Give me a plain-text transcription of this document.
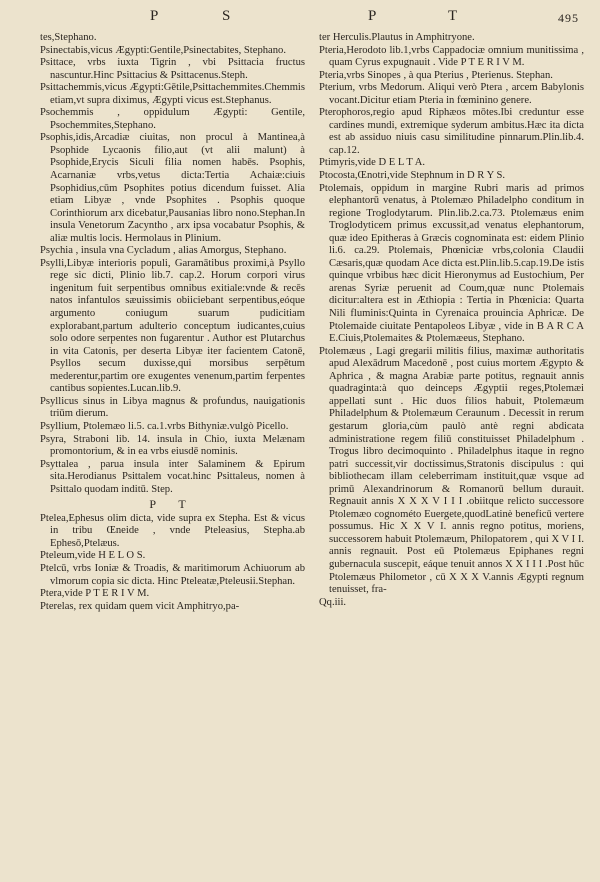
P	S	P	T	495

tes,Stephano.

Psinectabis,vicus Ægypti:Gentile,Psinectabites, Stephano.

Psittace, vrbs iuxta Tigrin , vbi Psittacia fructus nascuntur.Hinc Psittacius & Psittacenus.Steph.

Psittachemmis,vicus Ægypti:Gētile,Psittachemmites.Chemmis etiam,vt supra diximus, Ægypti vicus est.Stephanus.

Psochemmis , oppidulum Ægypti: Gentile, Psochemmites,Stephano.

Psophis,idis,Arcadiæ ciuitas, non procul à Mantinea,à Psophide Lycaonis filio,aut (vt alii malunt) à Psophide,Erycis Siculi filia nomen habēs. Psophis, Acarnaniæ vrbs,vetus dicta:Tertia Achaiæ:ciuis Psophidius,cūm Psophites potius dicendum fuisset. Alia etiam Libyæ , vnde Psophites . Psophis quoque Corinthiorum arx dicebatur,Pausanias libro nono.Stephan.In insula Venetorum Zacyntho , arx ipsa vocabatur Psophis, & aliæ multis locis. Hermolaus in Plinium.

Psychia , insula vna Cycladum , alias Amorgus, Stephano.

Psylli,Libyæ interioris populi, Garamātibus proximi,à Psyllo rege sic dicti, Plinio lib.7. cap.2. Horum corpori virus ingenitum fuit serpentibus omnibus exitiale:vnde & recēs natos infantulos sæuissimis obiiciebant serpentibus,eóque argumento coniugum suarum pudicitiam explorabant,partum adulterio conceptum iudicantes,cuius solo odore serpentes non fugarentur . Author est Plutarchus in vita Catonis, per deserta Libyæ iter facientem Catonē, Psyllos secum duxisse,qui morsibus serpētum mederentur,partim ore exugentes venenum,partim ferpentes cantibus sopientes.Lucan.lib.9.

Psyllicus sinus in Libya magnus & profundus, nauigationis triūm dierum.

Psyllium, Ptolemæo li.5. ca.1.vrbs Bithyniæ.vulgò Picello.

Psyra, Straboni lib. 14. insula in Chio, iuxta Melænam promontorium, & in ea vrbs eiusdē nominis.

Psyttalea , parua insula inter Salaminem & Epirum sita.Herodianus Psittalem vocat.hinc Psittaleus, nomen à Psittalo quodam inditū. Step.

P T

Ptelea,Ephesus olim dicta, vide supra ex Stepha. Est & vicus in tribu Œneide , vnde Pteleasius, Stepha.ab Ephesō,Ptelæus.

Pteleum,vide H E L O S.

Ptelcū, vrbs Ioniæ & Troadis, & maritimorum Achiuorum ab vlmorum copia sic dicta. Hinc Pteleatæ,Pteleusii.Stephan.

Ptera,vide P T E R I V M.

Pterelas, rex quidam quem vicit Amphitryo,pa-

ter Herculis.Plautus in Amphitryone.

Pteria,Herodoto lib.1,vrbs Cappadociæ omnium munitissima , quam Cyrus expugnauit . Vide P T E R I V M.

Pteria,vrbs Sinopes , à qua Pterius , Pterienus. Stephan.

Pterium, vrbs Medorum. Aliqui verò Ptera , arcem Babylonis vocant.Dicitur etiam Pteria in fœminino genere.

Pterophoros,regio apud Riphæos mōtes.Ibi creduntur esse cardines mundi, extremique syderum ambitus.Hæc ita dicta est ab assiduo niuis casu similitudine pinnarum.Plin.lib.4. cap.12.

Ptimyris,vide D E L T A.

Ptocosta,Œnotri,vide Stephnum in D R Y S.

Ptolemais, oppidum in margine Rubri maris ad primos elephantorū venatus, à Ptolemæo Philadelpho conditum in regione Troglodytarum. Plin.lib.2.ca.73. Ptolemæus enim Troglodyticem primus excussit,ad venatus elephantorum, quæ ideo Epitheras à Græcis cognominata est: eidem Plinio li.6. ca.29. Ptolemais, Phœniciæ vrbs,colonia Claudii Cæsaris,quæ quodam Ace dicta est.Plin.lib.5.cap.19.De istis quinque vrbibus hæc dicit Hieronymus ad Eustochium, Per arenas Syriæ peruenit ad Coum,quæ nunc Ptolemais dicitur:altera est in Æthiopia : Tertia in Phœnicia: Quarta Nili fluminis:Quinta in Cyrenaica prouincia Aphricæ. De Ptolemaide ciuitate Pentapoleos Libyæ , vide in B A R C A E.Ciuis,Ptolemaites & Ptolemæeus, Stephano.

Ptolemæus , Lagi gregarii militis filius, maximæ authoritatis apud Alexādrum Macedonē , post cuius mortem Ægypto & Aphrica , & magna Arabiæ parte potitus, regnauit annis quadraginta:à quo deinceps Ægyptii reges,Ptolemæi appellati sunt . Hic duos filios habuit, Ptolemæum Philadelphum & Ptolemæum Ceraunum . Decessit in rerum gestarum gloria,cùm paulò antè regni abdicata administratione regem filiū constituisset Philadelphum . Trogus libro decimoquinto . Philadelphus itaque in regno patri successit,vir doctissimus,Stratonis discipulus : qui bibliothecam illam celeberrimam instituit,quæ vsque ad primū Alexandrinorum & Romanorū bellum durauit. Regnauit annis X X X V I I I .obiitque relicto successore Ptolemæo cognométo Euergete,quodLatinè beneficū vertere possumus. Hic X X V I. annis regno potitus, moriens, successorem habuit Ptolemæum, Philopatorem , qui X V I I. annis regnauit. Post eū Ptolemæus Epiphanes regni gubernacula suscepit, eáque tenuit annos X X I I I .Post hūc Ptolemæus Philometor , cū X X X V.annis Ægypti regnum tenuisset, fra-

Qq.iii.
